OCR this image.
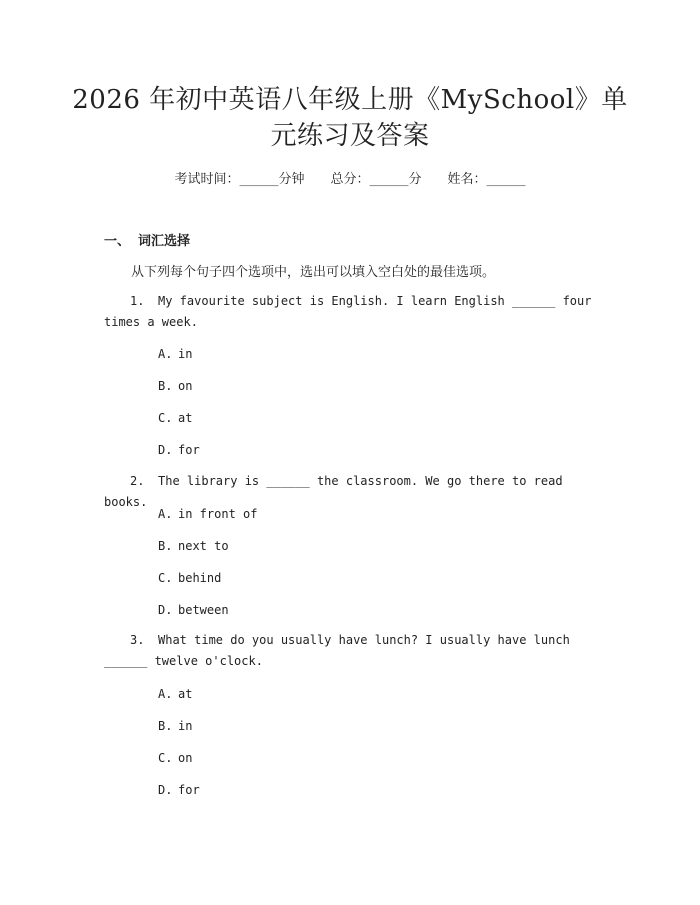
2026 年初中英语八年级上册《MySchool》单
元练习及答案
考试时间：______分钟 总分：______分 姓名：______
一、 词汇选择
从下列每个句子四个选项中，选出可以填入空白处的最佳选项。
1. My favourite subject is English. I learn English ______ four times a week.
A. in
B. on
C. at
D. for
2. The library is ______ the classroom. We go there to read books.
A. in front of
B. next to
C. behind
D. between
3. What time do you usually have lunch? I usually have lunch ______ twelve o'clock.
A. at
B. in
C. on
D. for
